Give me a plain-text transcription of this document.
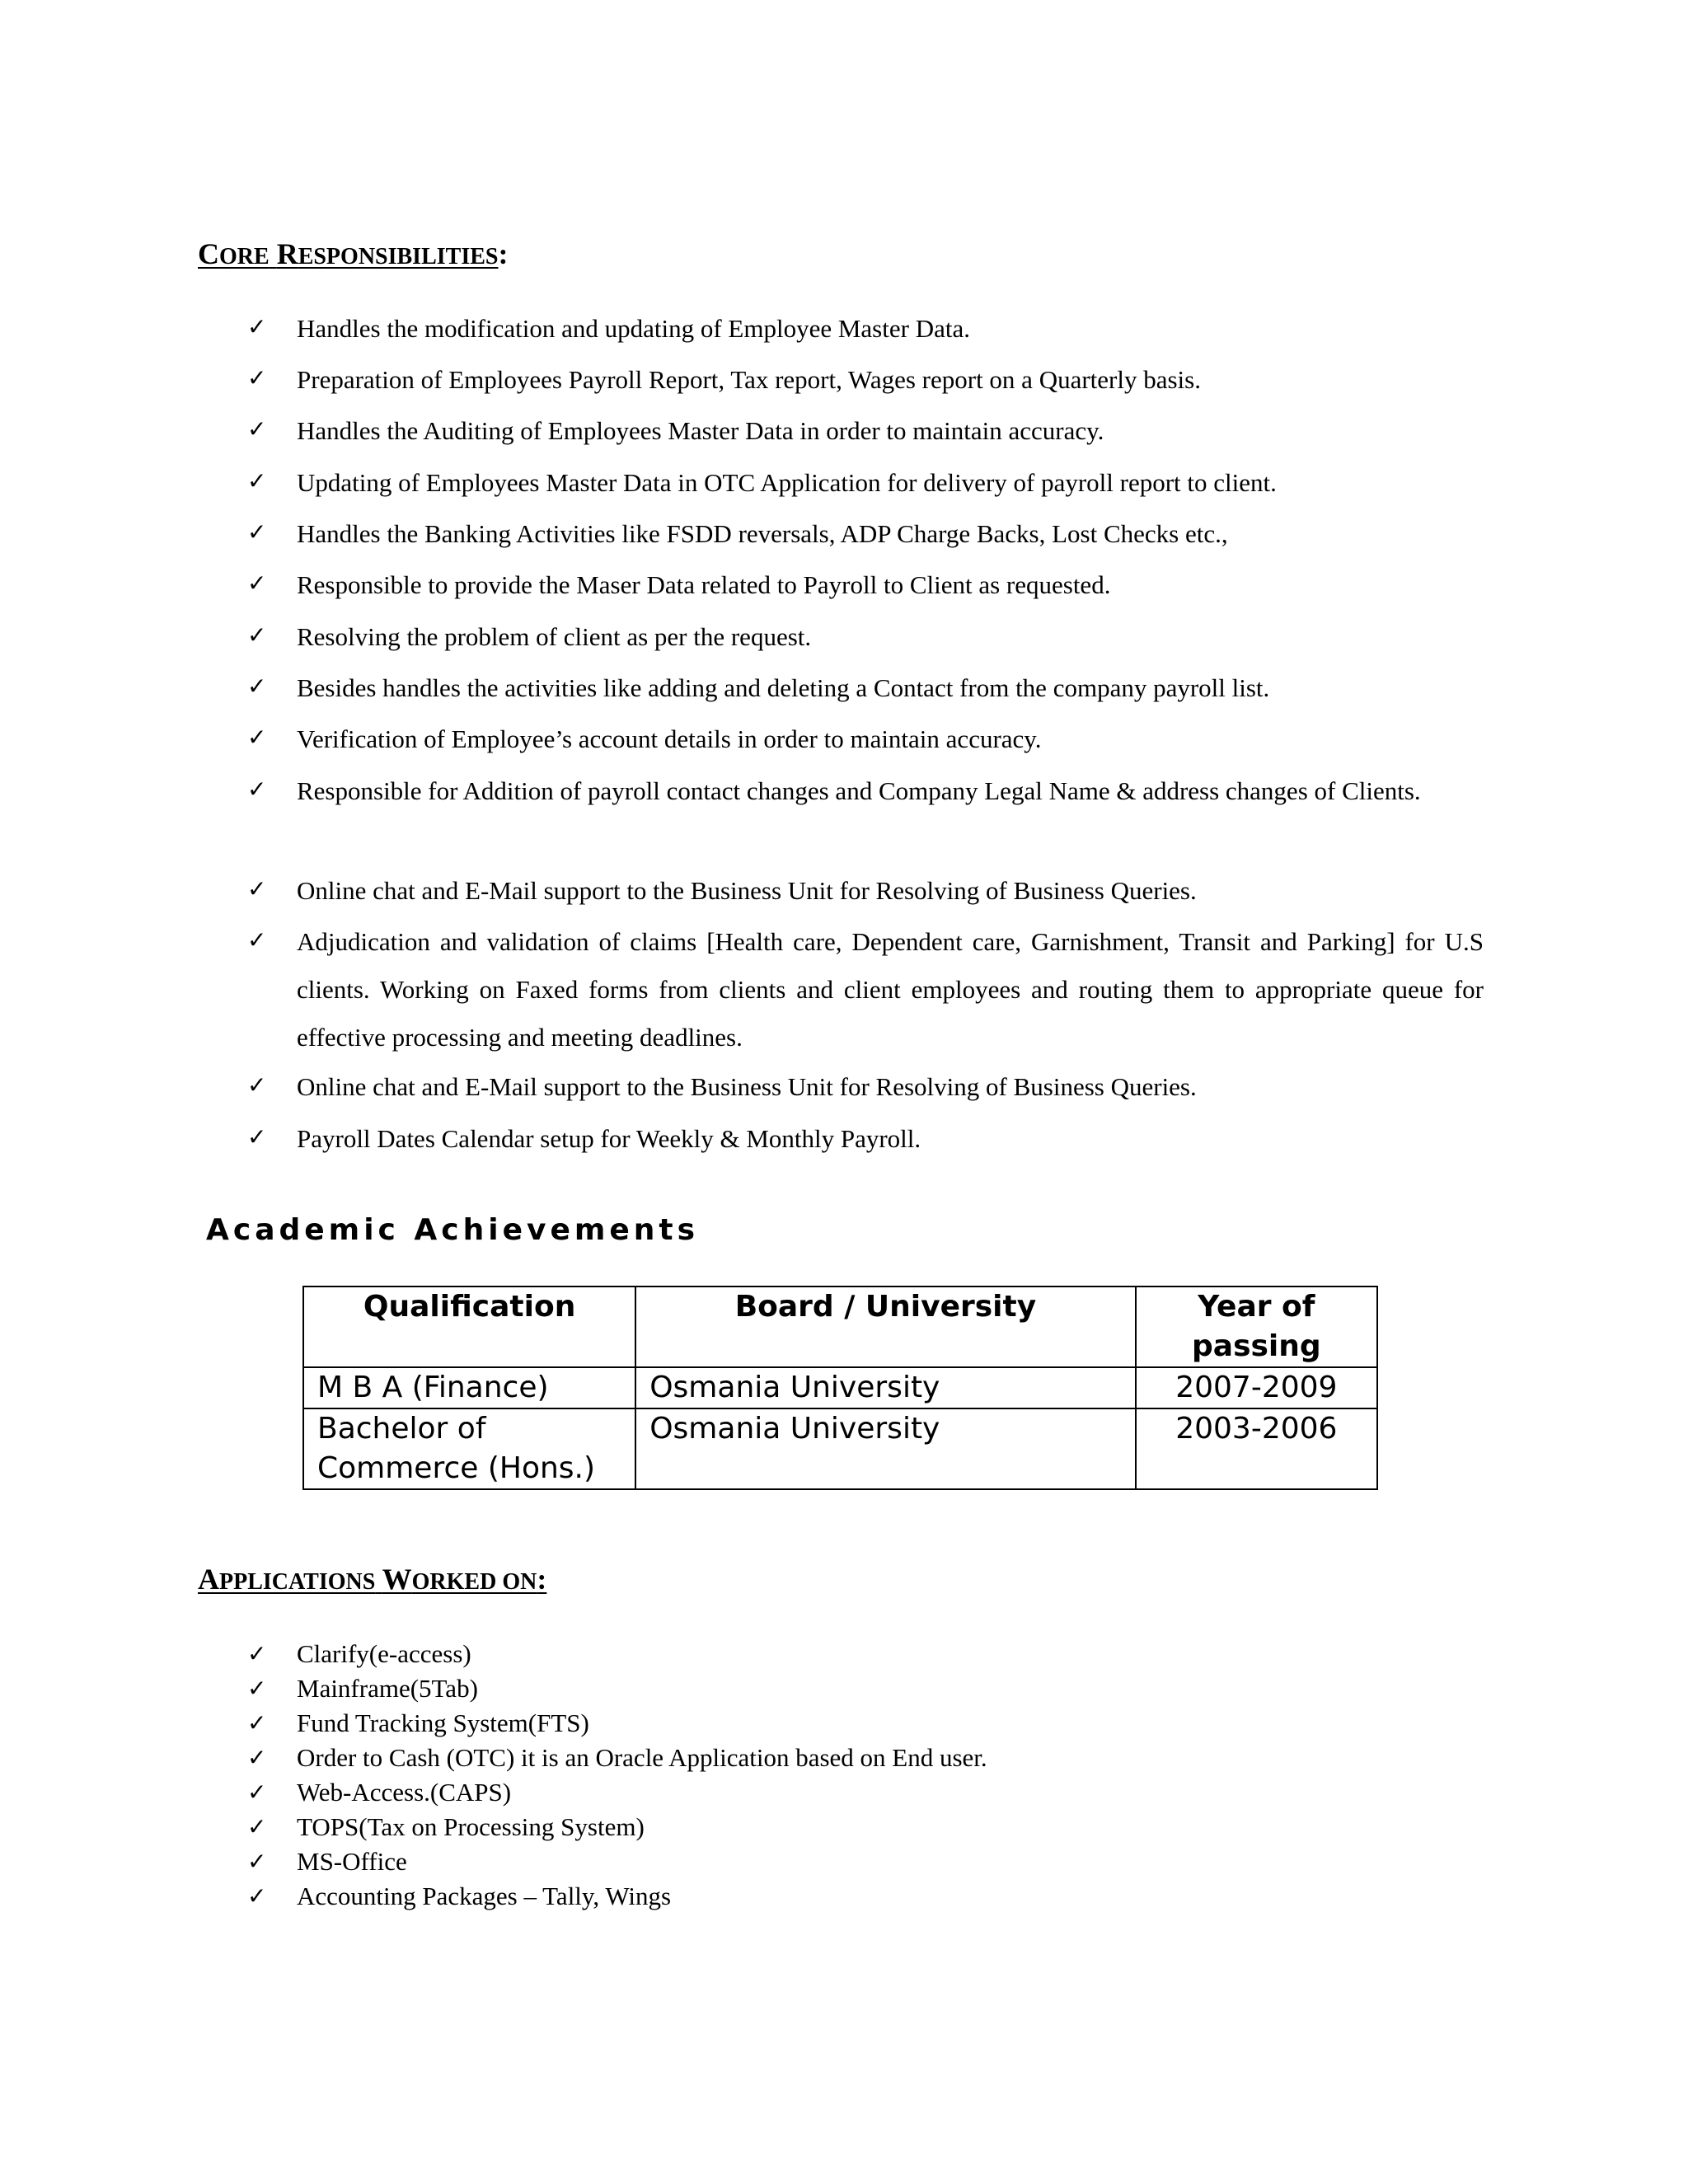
CORE RESPONSIBILITIES:
✓ Handles the modification and updating of Employee Master Data.
✓ Preparation of Employees Payroll Report, Tax report, Wages report on a Quarterly basis.
✓ Handles the Auditing of Employees Master Data in order to maintain accuracy.
✓ Updating of Employees Master Data in OTC Application for delivery of payroll report to client.
✓ Handles the Banking Activities like FSDD reversals, ADP Charge Backs, Lost Checks etc.,
✓ Responsible to provide the Maser Data related to Payroll to Client as requested.
✓ Resolving the problem of client as per the request.
✓ Besides handles the activities like adding and deleting a Contact from the company payroll list.
✓ Verification of Employee’s account details in order to maintain accuracy.
✓ Responsible for Addition of payroll contact changes and Company Legal Name & address changes of Clients.
✓ Online chat and E-Mail support to the Business Unit for Resolving of Business Queries.
✓ Adjudication and validation of claims [Health care, Dependent care, Garnishment, Transit and Parking] for U.S clients. Working on Faxed forms from clients and client employees and routing them to appropriate queue for effective processing and meeting deadlines.
✓ Online chat and E-Mail support to the Business Unit for Resolving of Business Queries.
✓ Payroll Dates Calendar setup for Weekly & Monthly Payroll.
Academic Achievements
Qualification	Board / University	Year of passing
M B A (Finance)	Osmania University	2007-2009
Bachelor of Commerce (Hons.)	Osmania University	2003-2006
APPLICATIONS WORKED ON:
✓ Clarify(e-access)
✓ Mainframe(5Tab)
✓ Fund Tracking System(FTS)
✓ Order to Cash (OTC) it is an Oracle Application based on End user.
✓ Web-Access.(CAPS)
✓ TOPS(Tax on Processing System)
✓ MS-Office
✓ Accounting Packages – Tally, Wings
